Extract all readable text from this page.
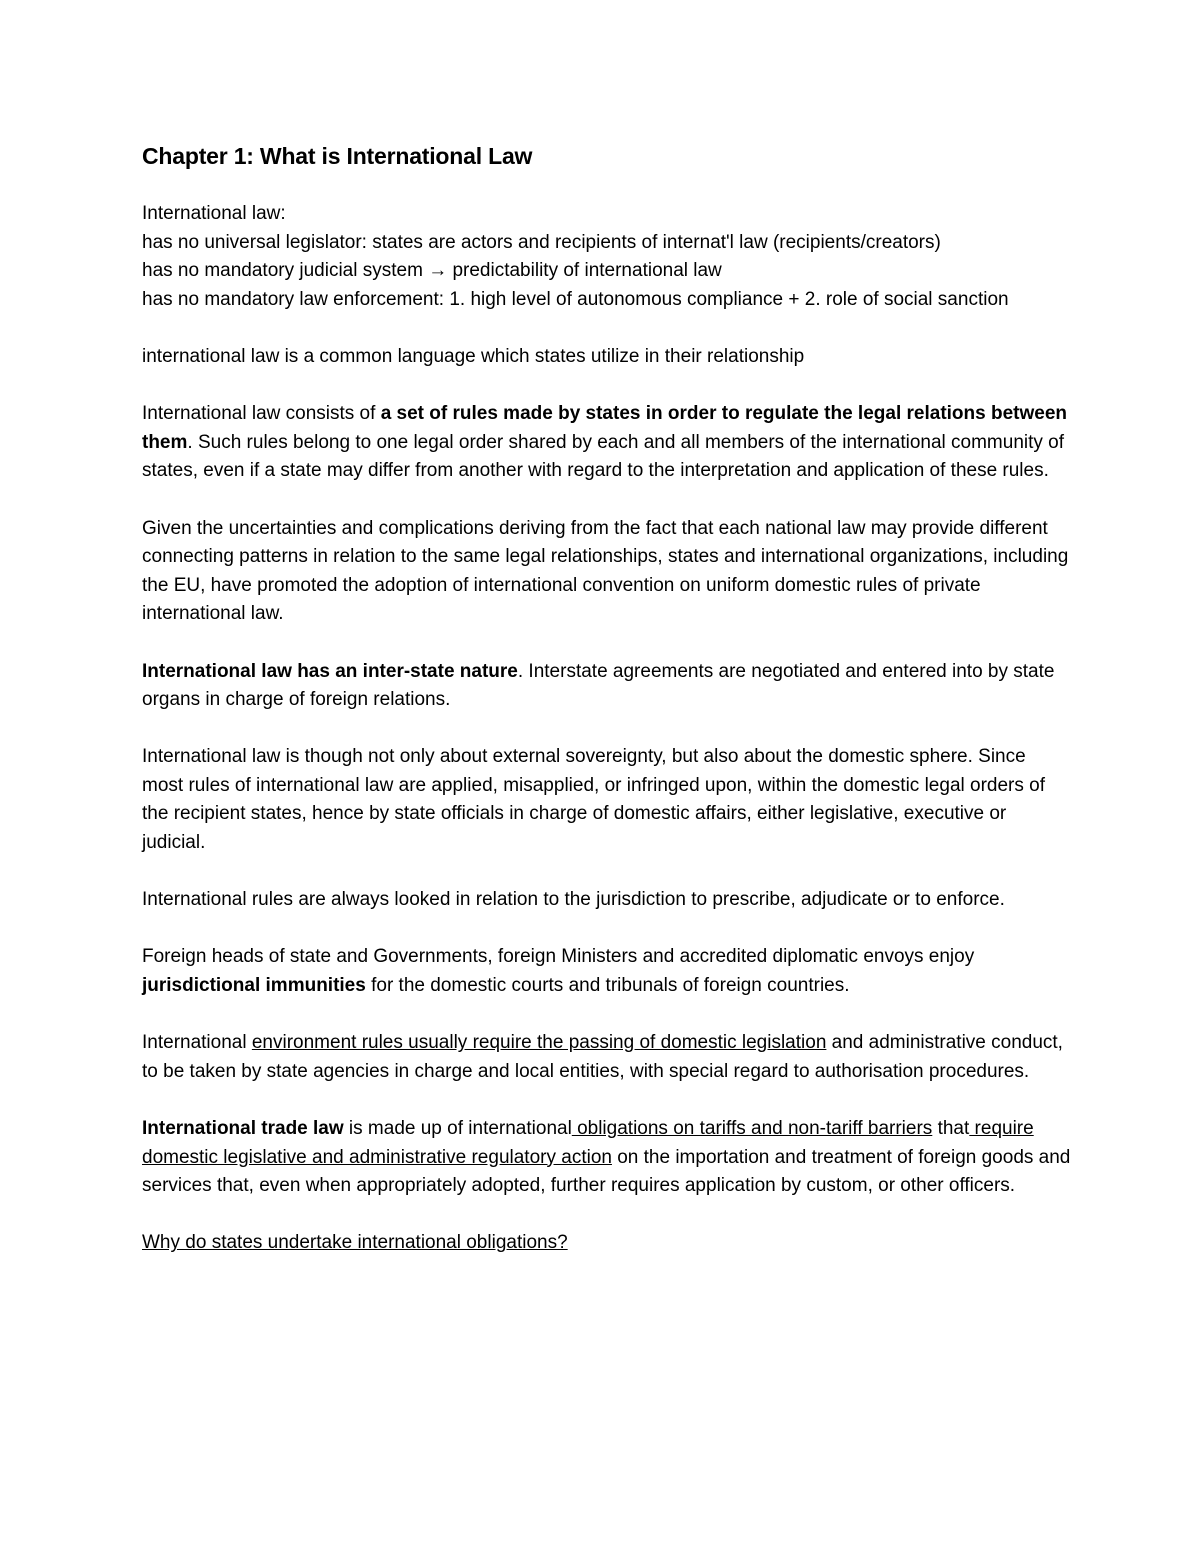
Chapter 1: What is International Law
International law:
has no universal legislator: states are actors and recipients of internat'l law (recipients/creators)
has no mandatory judicial system → predictability of international law
has no mandatory law enforcement: 1. high level of autonomous compliance + 2. role of social sanction
international law is a common language which states utilize in their relationship
International law consists of a set of rules made by states in order to regulate the legal relations between them. Such rules belong to one legal order shared by each and all members of the international community of states, even if a state may differ from another with regard to the interpretation and application of these rules.
Given the uncertainties and complications deriving from the fact that each national law may provide different connecting patterns in relation to the same legal relationships, states and international organizations, including the EU, have promoted the adoption of international convention on uniform domestic rules of private international law.
International law has an inter-state nature. Interstate agreements are negotiated and entered into by state organs in charge of foreign relations.
International law is though not only about external sovereignty, but also about the domestic sphere. Since most rules of international law are applied, misapplied, or infringed upon, within the domestic legal orders of the recipient states, hence by state officials in charge of domestic affairs, either legislative, executive or judicial.
International rules are always looked in relation to the jurisdiction to prescribe, adjudicate or to enforce.
Foreign heads of state and Governments, foreign Ministers and accredited diplomatic envoys enjoy jurisdictional immunities for the domestic courts and tribunals of foreign countries.
International environment rules usually require the passing of domestic legislation and administrative conduct, to be taken by state agencies in charge and local entities, with special regard to authorisation procedures.
International trade law is made up of international obligations on tariffs and non-tariff barriers that require domestic legislative and administrative regulatory action on the importation and treatment of foreign goods and services that, even when appropriately adopted, further requires application by custom, or other officers.
Why do states undertake international obligations?
